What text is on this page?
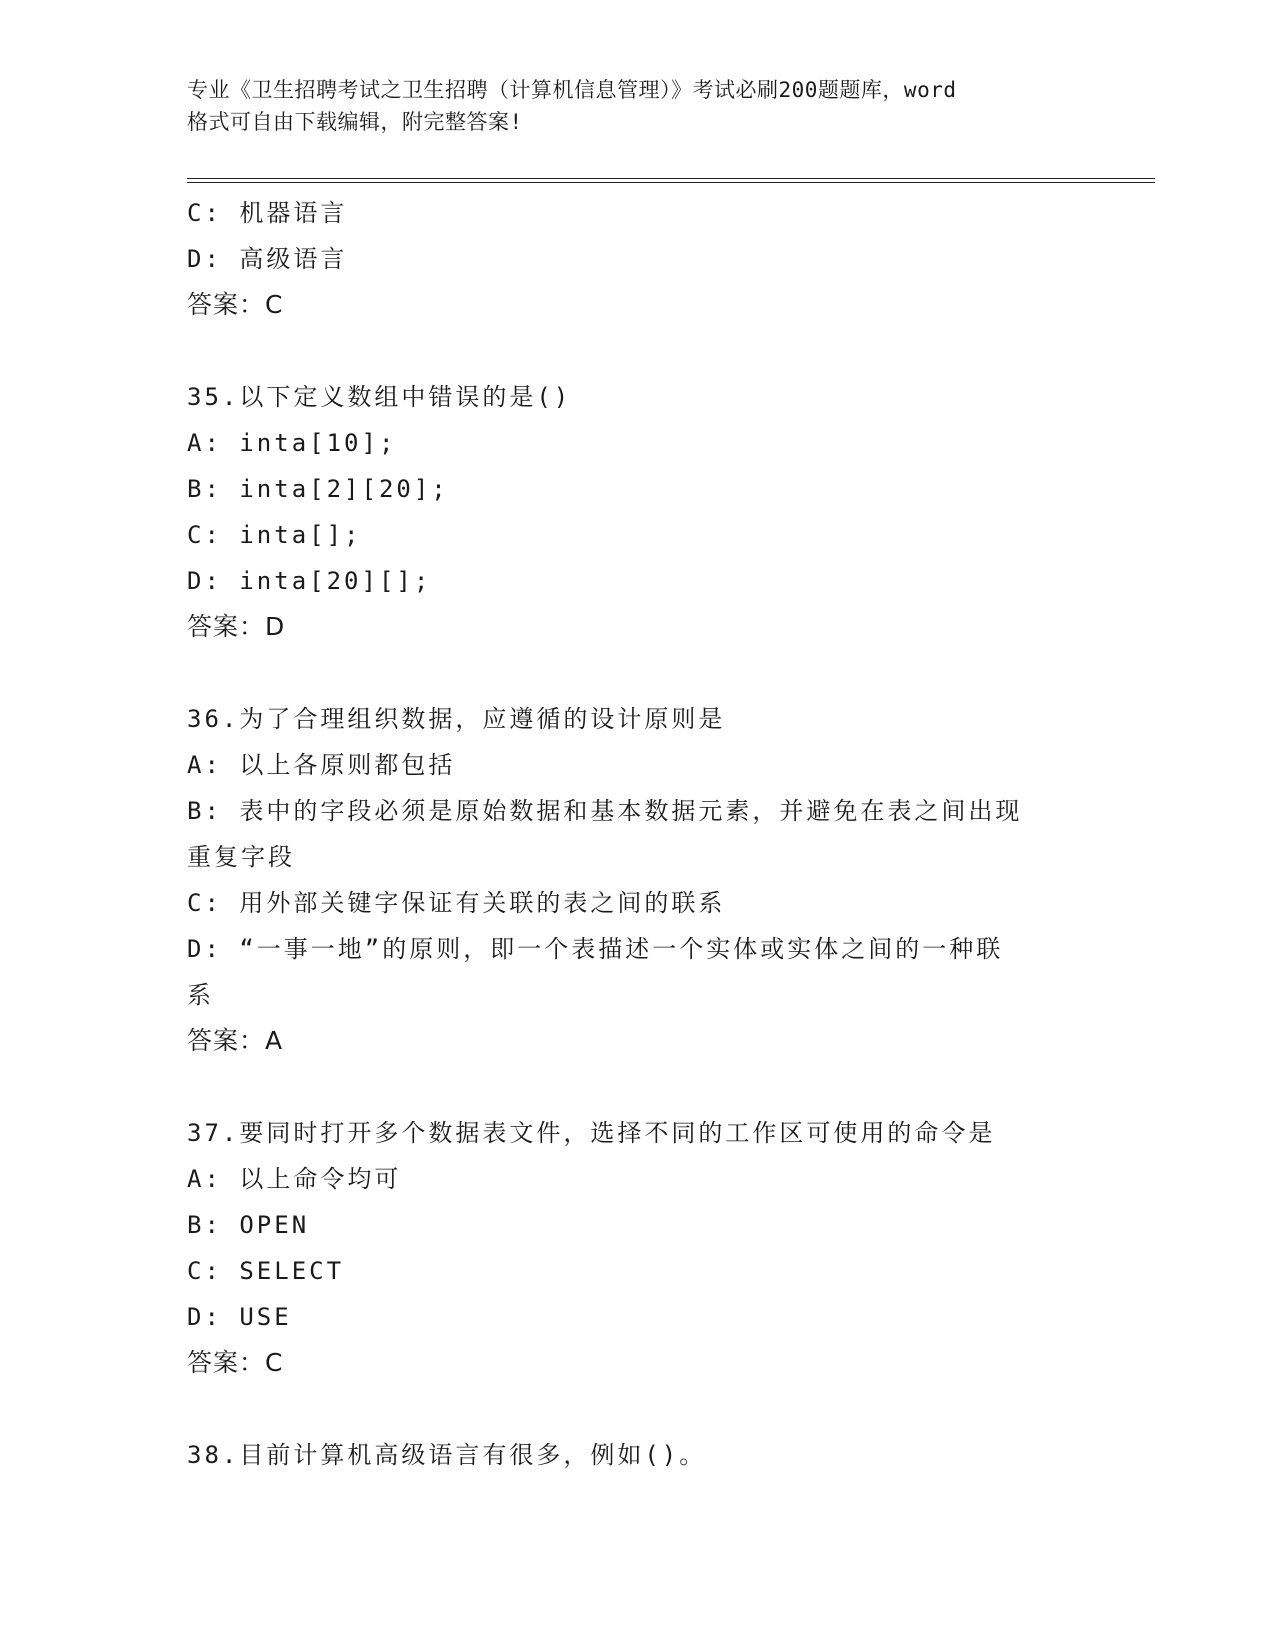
专业《卫生招聘考试之卫生招聘（计算机信息管理）》考试必刷200题题库，word
格式可自由下载编辑，附完整答案!
C: 机器语言
D: 高级语言
答案：C
35.以下定义数组中错误的是()
A: inta[10];
B: inta[2][20];
C: inta[];
D: inta[20][];
答案：D
36.为了合理组织数据，应遵循的设计原则是
A: 以上各原则都包括
B: 表中的字段必须是原始数据和基本数据元素，并避免在表之间出现
重复字段
C: 用外部关键字保证有关联的表之间的联系
D: “一事一地”的原则，即一个表描述一个实体或实体之间的一种联
系
答案：A
37.要同时打开多个数据表文件，选择不同的工作区可使用的命令是
A: 以上命令均可
B: OPEN
C: SELECT
D: USE
答案：C
38.目前计算机高级语言有很多，例如()。
